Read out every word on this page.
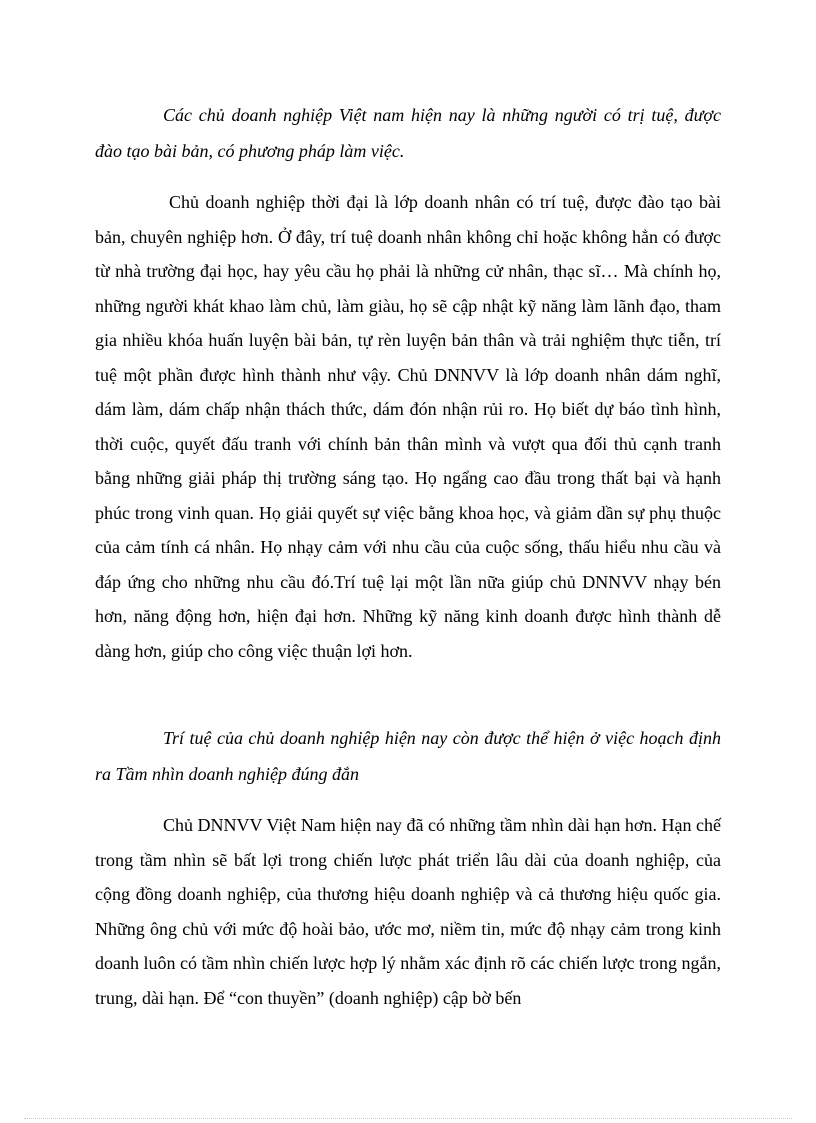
Các chủ doanh nghiệp Việt nam hiện nay là những người có trị tuệ, được đào tạo bài bản, có phương pháp làm việc.

Chủ doanh nghiệp thời đại là lớp doanh nhân có trí tuệ, được đào tạo bài bản, chuyên nghiệp hơn. Ở đây, trí tuệ doanh nhân không chỉ hoặc không hẳn có được từ nhà trường đại học, hay yêu cầu họ phải là những cử nhân, thạc sĩ… Mà chính họ, những người khát khao làm chủ, làm giàu, họ sẽ cập nhật kỹ năng làm lãnh đạo, tham gia nhiều khóa huấn luyện bài bản, tự rèn luyện bản thân và trải nghiệm thực tiễn, trí tuệ một phần được hình thành như vậy. Chủ DNNVV là lớp doanh nhân dám nghĩ, dám làm, dám chấp nhận thách thức, dám đón nhận rủi ro. Họ biết dự báo tình hình, thời cuộc, quyết đấu tranh với chính bản thân mình và vượt qua đối thủ cạnh tranh bằng những giải pháp thị trường sáng tạo. Họ ngẩng cao đầu trong thất bại và hạnh phúc trong vinh quan. Họ giải quyết sự việc bằng khoa học, và giảm dần sự phụ thuộc của cảm tính cá nhân. Họ nhạy cảm với nhu cầu của cuộc sống, thấu hiểu nhu cầu và đáp ứng cho những nhu cầu đó.Trí tuệ lại một lần nữa giúp chủ DNNVV nhạy bén hơn, năng động hơn, hiện đại hơn. Những kỹ năng kinh doanh được hình thành dễ dàng hơn, giúp cho công việc thuận lợi hơn.

Trí tuệ của chủ doanh nghiệp hiện nay còn được thể hiện ở việc hoạch định ra Tầm nhìn doanh nghiệp đúng đắn

Chủ DNNVV Việt Nam hiện nay đã có những tầm nhìn dài hạn hơn. Hạn chế trong tầm nhìn sẽ bất lợi trong chiến lược phát triển lâu dài của doanh nghiệp, của cộng đồng doanh nghiệp, của thương hiệu doanh nghiệp và cả thương hiệu quốc gia. Những ông chủ với mức độ hoài bảo, ước mơ, niềm tin, mức độ nhạy cảm trong kinh doanh luôn có tầm nhìn chiến lược hợp lý nhằm xác định rõ các chiến lược trong ngắn, trung, dài hạn. Để “con thuyền” (doanh nghiệp) cập bờ bến
